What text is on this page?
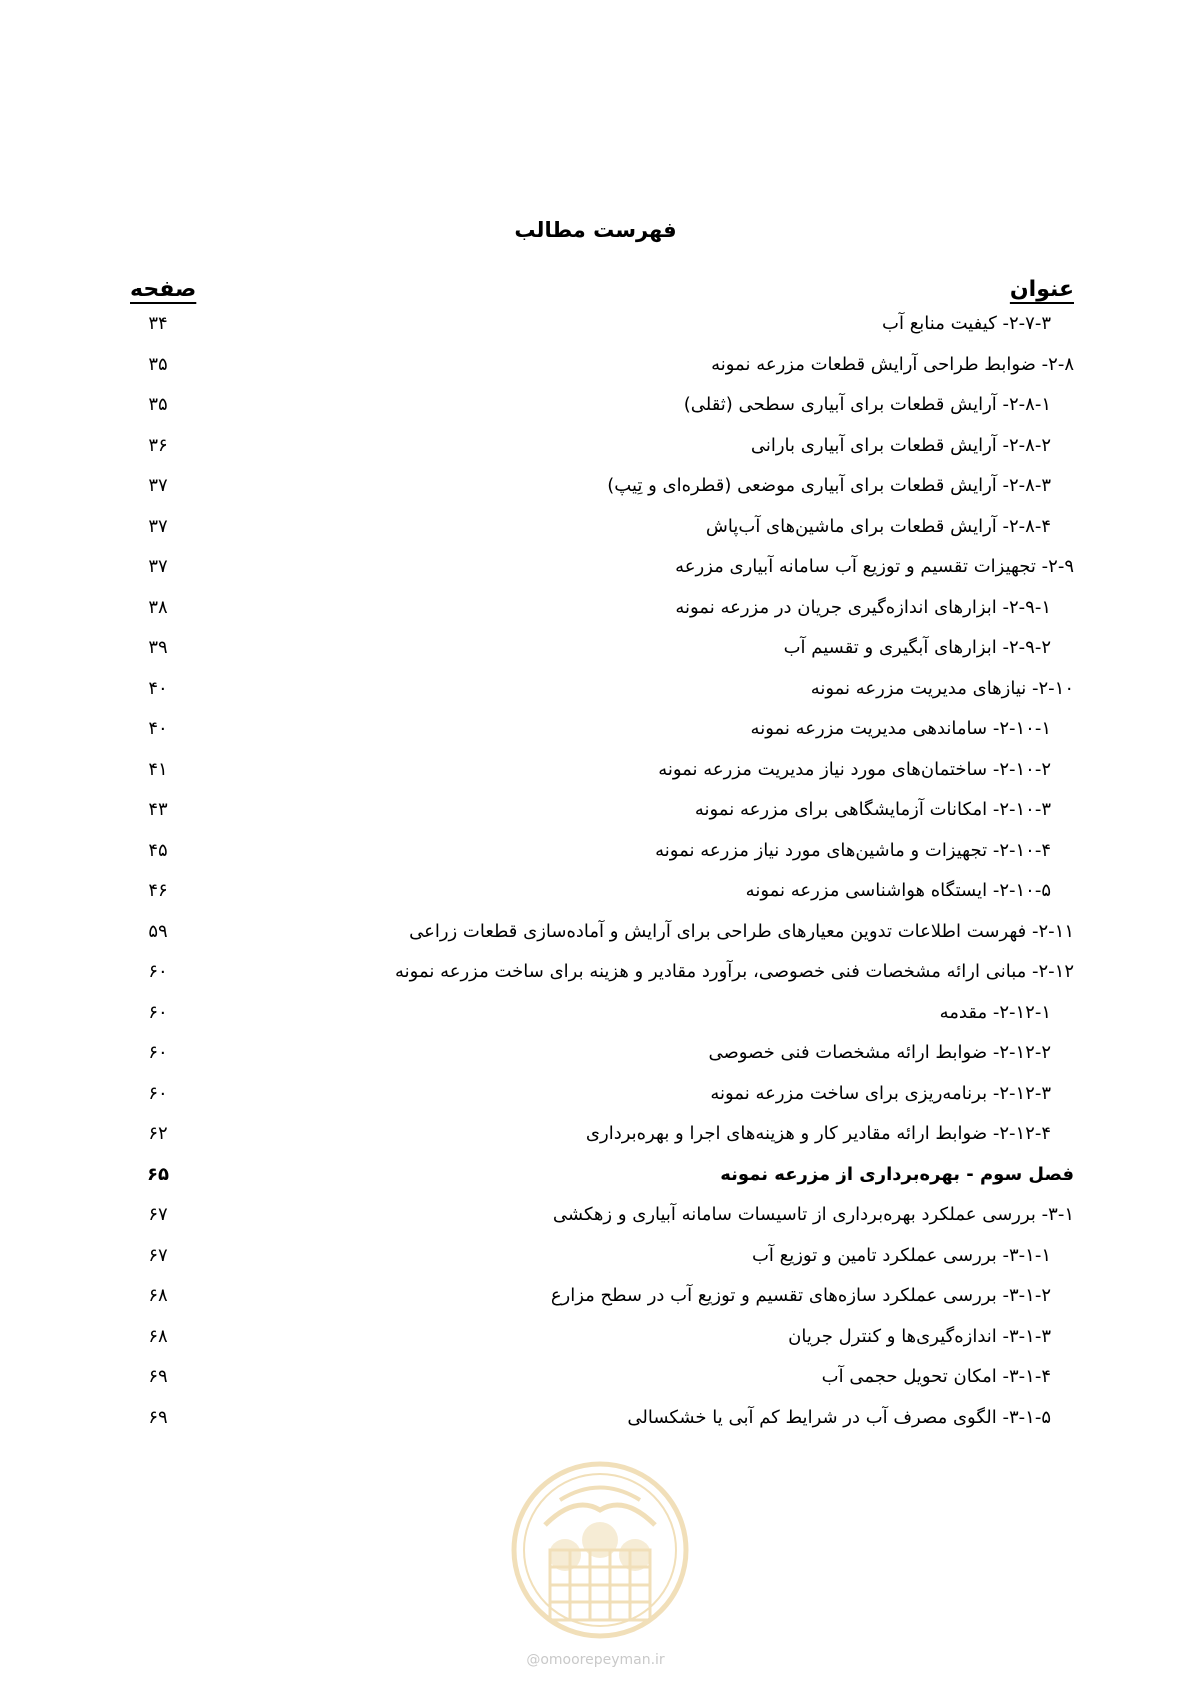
فهرست مطالب
عنوان
صفحه
۲-۷-۳- کیفیت منابع آب
۳۴
۲-۸- ضوابط طراحی آرایش قطعات مزرعه نمونه
۳۵
۲-۸-۱- آرایش قطعات برای آبیاری سطحی (ثقلی)
۳۵
۲-۸-۲- آرایش قطعات برای آبیاری بارانی
۳۶
۲-۸-۳- آرایش قطعات برای آبیاری موضعی (قطره‌ای و تِیپ)
۳۷
۲-۸-۴- آرایش قطعات برای ماشین‌های آب‌پاش
۳۷
۲-۹- تجهیزات تقسیم و توزیع آب سامانه آبیاری مزرعه
۳۷
۲-۹-۱- ابزارهای اندازه‌گیری جریان در مزرعه نمونه
۳۸
۲-۹-۲- ابزارهای آبگیری و تقسیم آب
۳۹
۲-۱۰- نیازهای مدیریت مزرعه نمونه
۴۰
۲-۱۰-۱- ساماندهی مدیریت مزرعه نمونه
۴۰
۲-۱۰-۲- ساختمان‌های مورد نیاز مدیریت مزرعه نمونه
۴۱
۲-۱۰-۳- امکانات آزمایشگاهی برای مزرعه نمونه
۴۳
۲-۱۰-۴- تجهیزات و ماشین‌های مورد نیاز مزرعه نمونه
۴۵
۲-۱۰-۵- ایستگاه هواشناسی مزرعه نمونه
۴۶
۲-۱۱- فهرست اطلاعات تدوین معیارهای طراحی برای آرایش و آماده‌سازی قطعات زراعی
۵۹
۲-۱۲- مبانی ارائه مشخصات فنی خصوصی، برآورد مقادیر و هزینه برای ساخت مزرعه نمونه
۶۰
۲-۱۲-۱- مقدمه
۶۰
۲-۱۲-۲- ضوابط ارائه مشخصات فنی خصوصی
۶۰
۲-۱۲-۳- برنامه‌ریزی برای ساخت مزرعه نمونه
۶۰
۲-۱۲-۴- ضوابط ارائه مقادیر کار و هزینه‌های اجرا و بهره‌برداری
۶۲
فصل سوم - بهره‌برداری از مزرعه نمونه
۶۵
۳-۱- بررسی عملکرد بهره‌برداری از تاسیسات سامانه آبیاری و زهکشی
۶۷
۳-۱-۱- بررسی عملکرد تامین و توزیع آب
۶۷
۳-۱-۲- بررسی عملکرد سازه‌های تقسیم و توزیع آب در سطح مزارع
۶۸
۳-۱-۳- اندازه‌گیری‌ها و کنترل جریان
۶۸
۳-۱-۴- امکان تحویل حجمی آب
۶۹
۳-۱-۵- الگوی مصرف آب در شرایط کم آبی یا خشکسالی
۶۹
@omoorepeyman.ir
